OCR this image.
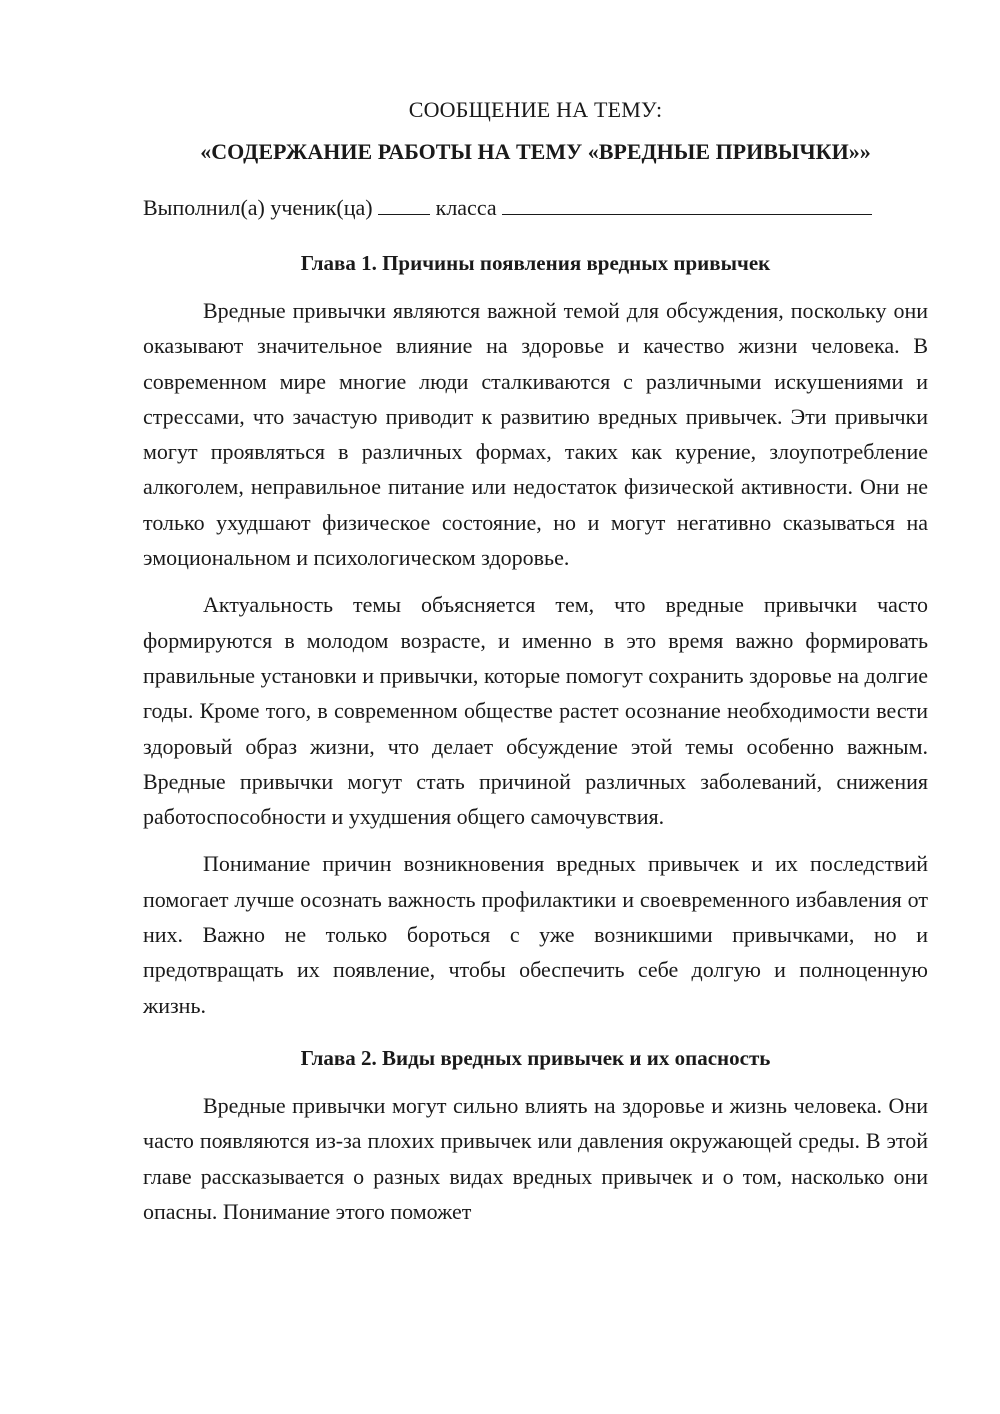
СООБЩЕНИЕ НА ТЕМУ:
«СОДЕРЖАНИЕ РАБОТЫ НА ТЕМУ «ВРЕДНЫЕ ПРИВЫЧКИ»»
Выполнил(а) ученик(ца)	класса
Глава 1. Причины появления вредных привычек

Вредные привычки являются важной темой для обсуждения, поскольку они оказывают значительное влияние на здоровье и качество жизни человека. В современном мире многие люди сталкиваются с различными искушениями и стрессами, что зачастую приводит к развитию вредных привычек. Эти привычки могут проявляться в различных формах, таких как курение, злоупотребление алкоголем, неправильное питание или недостаток физической активности. Они не только ухудшают физическое состояние, но и могут негативно сказываться на эмоциональном и психологическом здоровье.

Актуальность темы объясняется тем, что вредные привычки часто формируются в молодом возрасте, и именно в это время важно формировать правильные установки и привычки, которые помогут сохранить здоровье на долгие годы. Кроме того, в современном обществе растет осознание необходимости вести здоровый образ жизни, что делает обсуждение этой темы особенно важным. Вредные привычки могут стать причиной различных заболеваний, снижения работоспособности и ухудшения общего самочувствия.

Понимание причин возникновения вредных привычек и их последствий помогает лучше осознать важность профилактики и своевременного избавления от них. Важно не только бороться с уже возникшими привычками, но и предотвращать их появление, чтобы обеспечить себе долгую и полноценную жизнь.

Глава 2. Виды вредных привычек и их опасность

Вредные привычки могут сильно влиять на здоровье и жизнь человека. Они часто появляются из-за плохих привычек или давления окружающей среды. В этой главе рассказывается о разных видах вредных привычек и о том, насколько они опасны. Понимание этого поможет
